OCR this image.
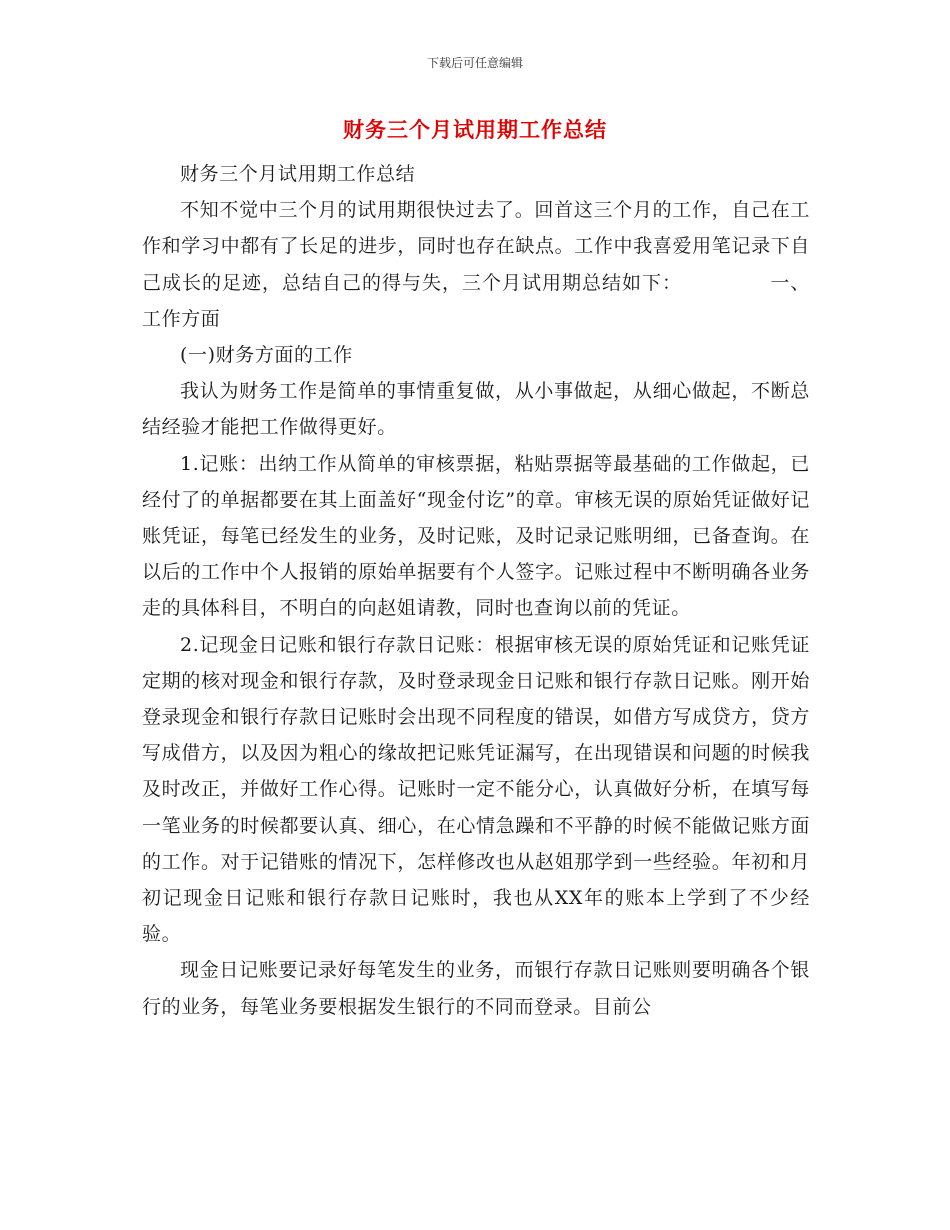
下载后可任意编辑
财务三个月试用期工作总结

财务三个月试用期工作总结

不知不觉中三个月的试用期很快过去了。回首这三个月的工作，自己在工作和学习中都有了长足的进步，同时也存在缺点。工作中我喜爱用笔记录下自己成长的足迹，总结自己的得与失，三个月试用期总结如下：	一、工作方面

(一)财务方面的工作

我认为财务工作是简单的事情重复做，从小事做起，从细心做起，不断总结经验才能把工作做得更好。

1.记账：出纳工作从简单的审核票据，粘贴票据等最基础的工作做起，已经付了的单据都要在其上面盖好“现金付讫”的章。审核无误的原始凭证做好记账凭证，每笔已经发生的业务，及时记账，及时记录记账明细，已备查询。在以后的工作中个人报销的原始单据要有个人签字。记账过程中不断明确各业务走的具体科目，不明白的向赵姐请教，同时也查询以前的凭证。

2.记现金日记账和银行存款日记账：根据审核无误的原始凭证和记账凭证定期的核对现金和银行存款，及时登录现金日记账和银行存款日记账。刚开始登录现金和银行存款日记账时会出现不同程度的错误，如借方写成贷方，贷方写成借方，以及因为粗心的缘故把记账凭证漏写，在出现错误和问题的时候我及时改正，并做好工作心得。记账时一定不能分心，认真做好分析，在填写每一笔业务的时候都要认真、细心，在心情急躁和不平静的时候不能做记账方面的工作。对于记错账的情况下，怎样修改也从赵姐那学到一些经验。年初和月初记现金日记账和银行存款日记账时，我也从XX年的账本上学到了不少经验。

现金日记账要记录好每笔发生的业务，而银行存款日记账则要明确各个银行的业务，每笔业务要根据发生银行的不同而登录。目前公
